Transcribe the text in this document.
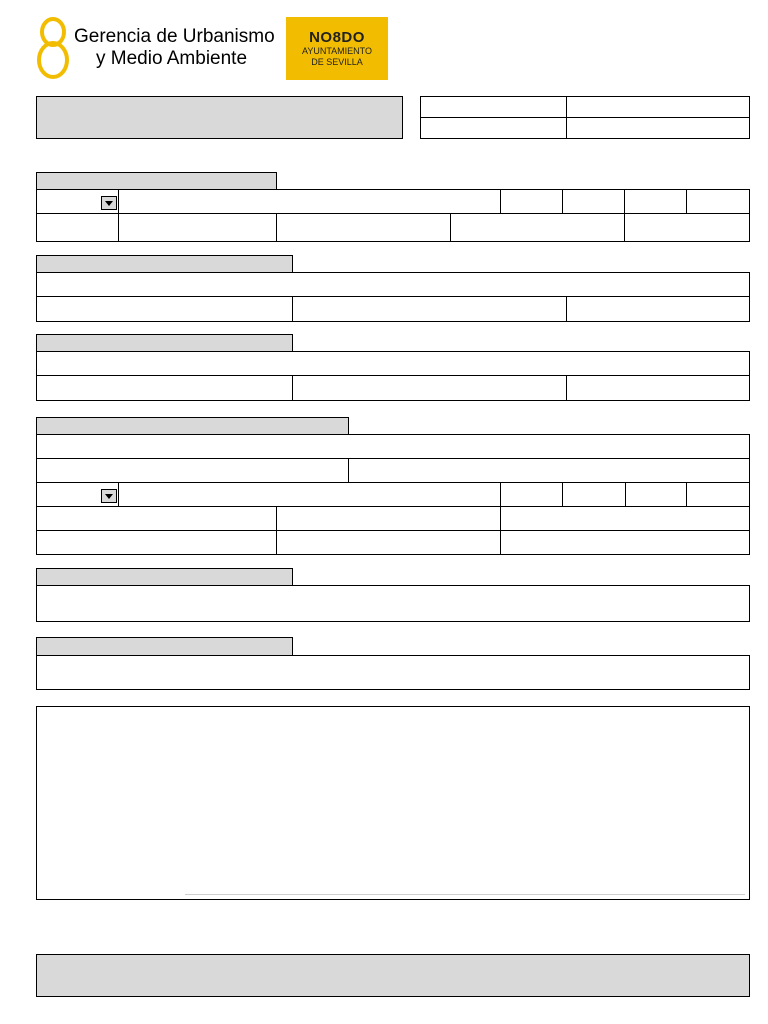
Gerencia de Urbanismo
y Medio Ambiente
NO8DO
AYUNTAMIENTO
DE SEVILLA
